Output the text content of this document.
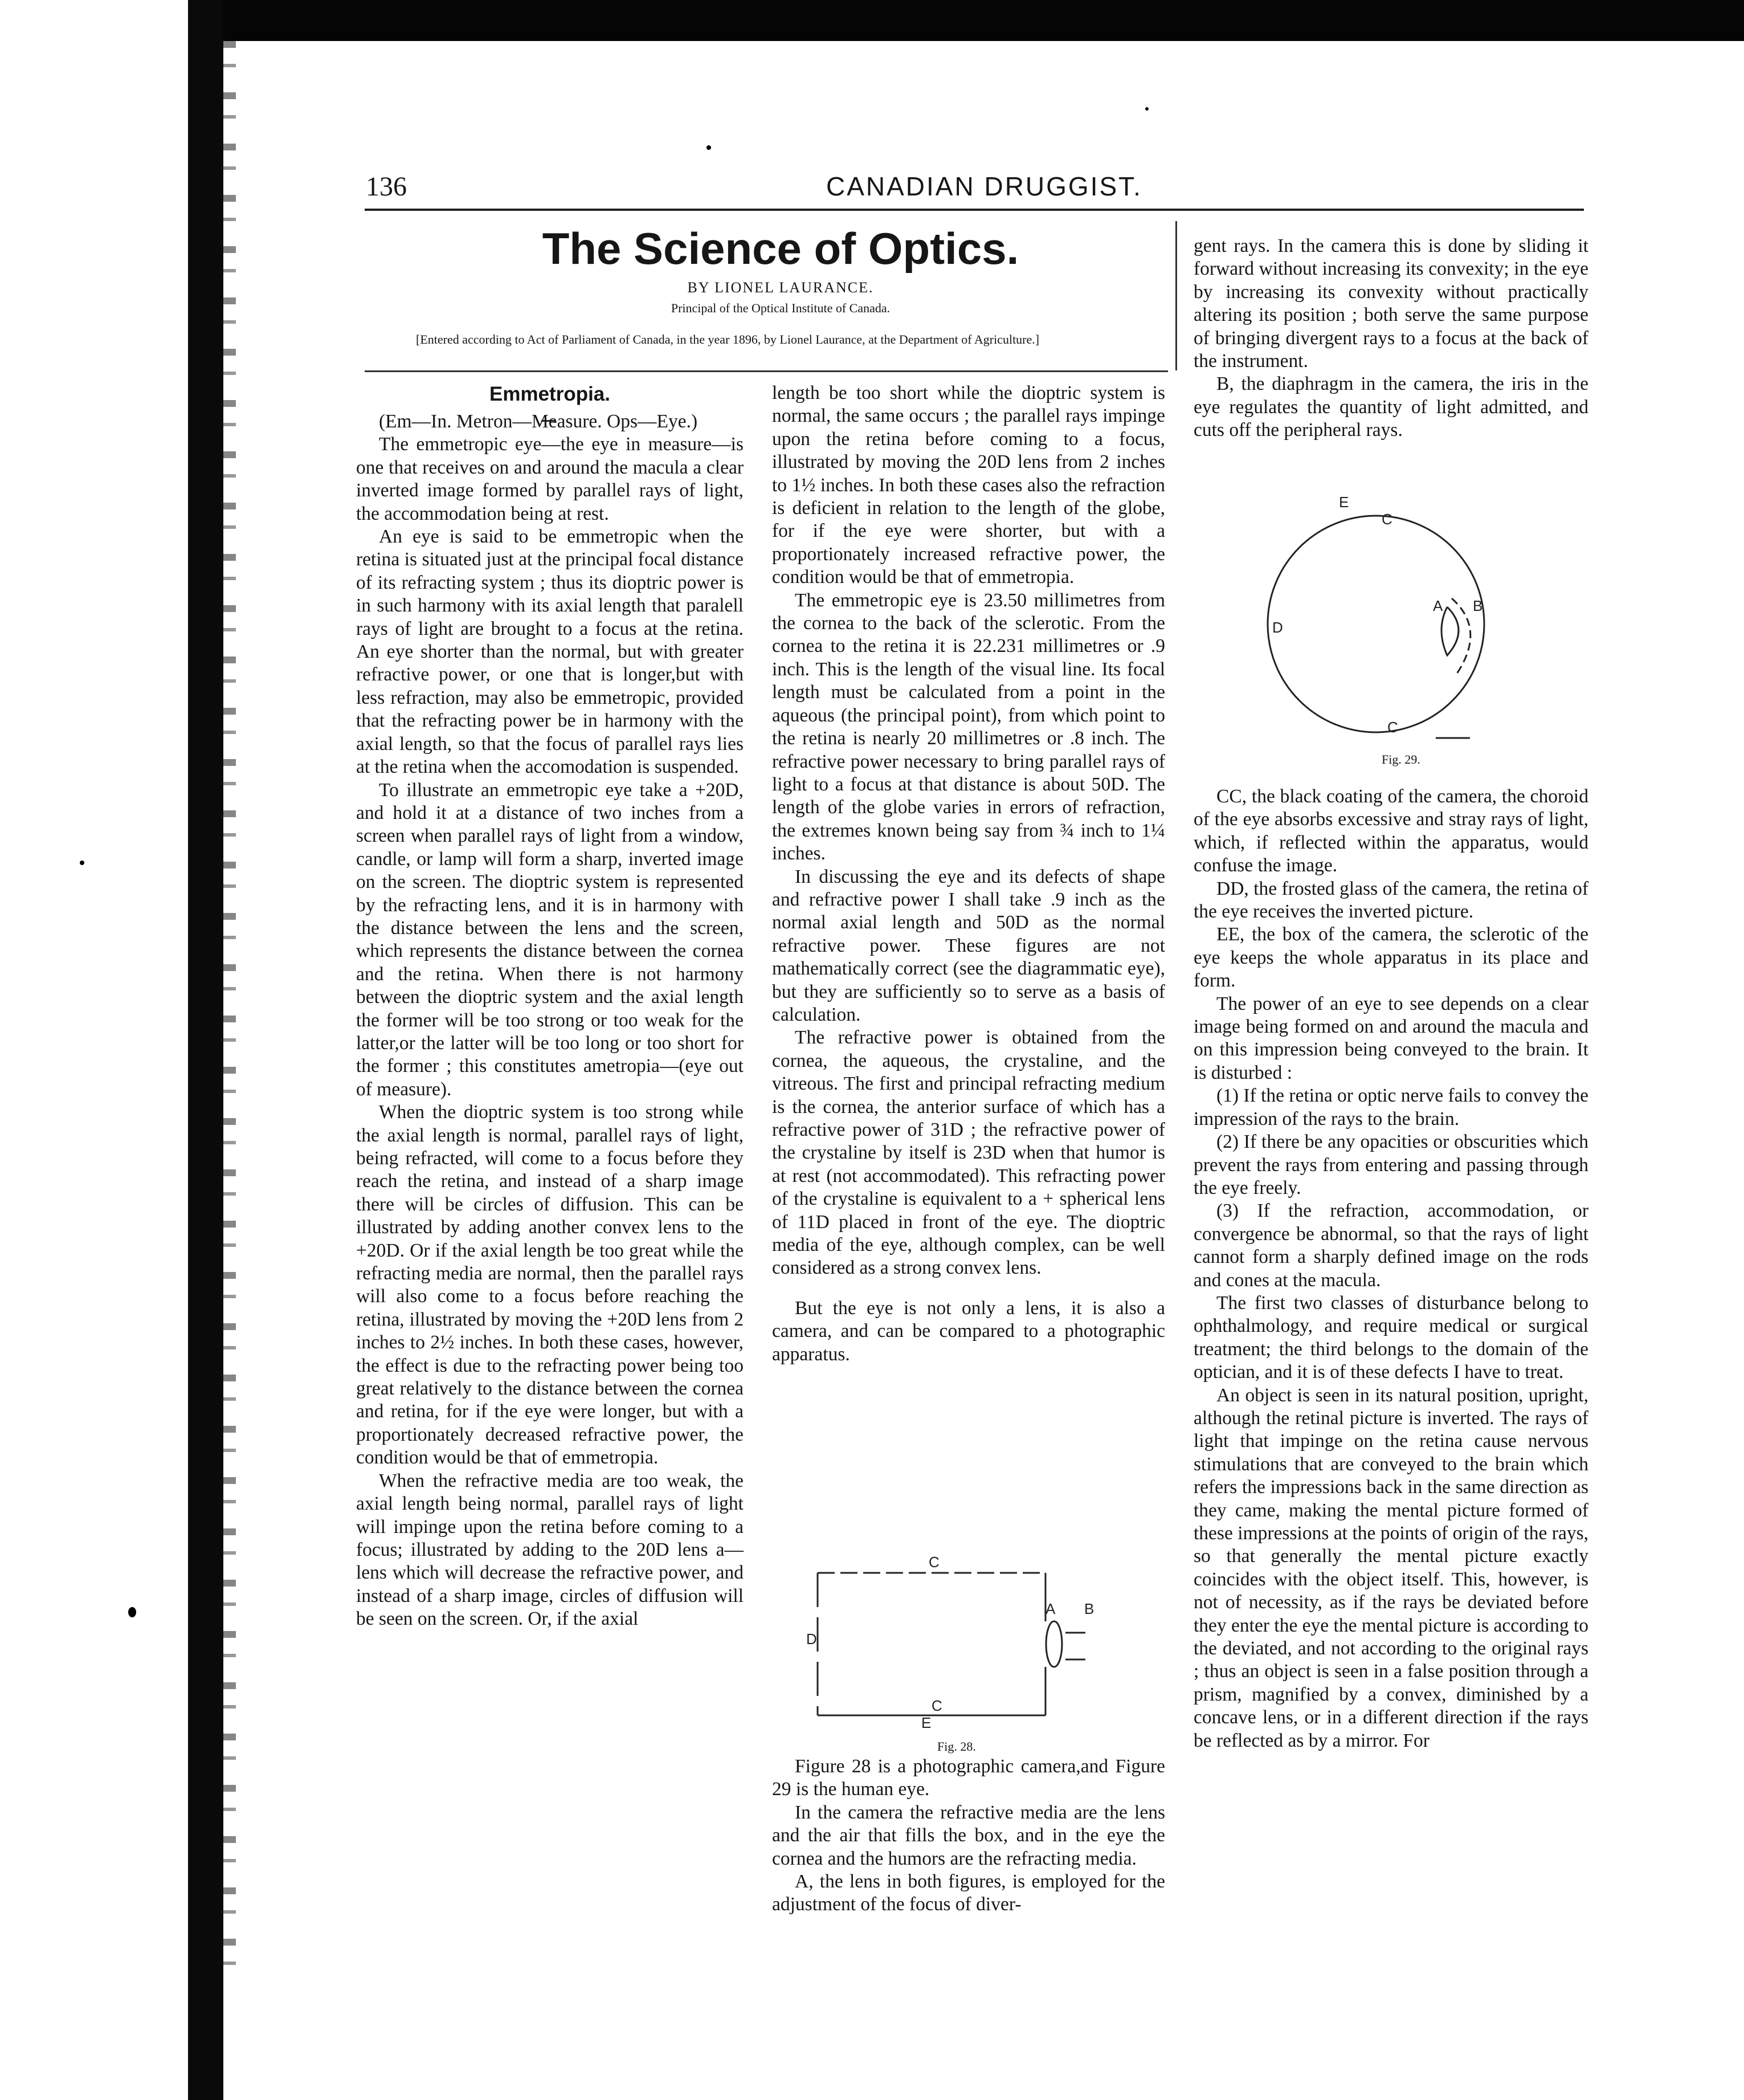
136	CANADIAN DRUGGIST.
The Science of Optics.
BY LIONEL LAURANCE.
Principal of the Optical Institute of Canada.
[Entered according to Act of Parliament of Canada, in the year 1896, by Lionel Laurance, at the Department of Agriculture.]
Emmetropia.

(Em—In. Metron—Measure. Ops—Eye.)

The emmetropic eye—the eye in measure—is one that receives on and around the macula a clear inverted image formed by parallel rays of light, the accommodation being at rest.

An eye is said to be emmetropic when the retina is situated just at the principal focal distance of its refracting system ; thus its dioptric power is in such harmony with its axial length that paralell rays of light are brought to a focus at the retina. An eye shorter than the normal, but with greater refractive power, or one that is longer,but with less refraction, may also be emmetropic, provided that the refracting power be in harmony with the axial length, so that the focus of parallel rays lies at the retina when the accomodation is suspended.

To illustrate an emmetropic eye take a +20D, and hold it at a distance of two inches from a screen when parallel rays of light from a window, candle, or lamp will form a sharp, inverted image on the screen. The dioptric system is represented by the refracting lens, and it is in harmony with the distance between the lens and the screen, which represents the distance between the cornea and the retina. When there is not harmony between the dioptric system and the axial length the former will be too strong or too weak for the latter,or the latter will be too long or too short for the former ; this constitutes ametropia—(eye out of measure).

When the dioptric system is too strong while the axial length is normal, parallel rays of light, being refracted, will come to a focus before they reach the retina, and instead of a sharp image there will be circles of diffusion. This can be illustrated by adding another convex lens to the +20D. Or if the axial length be too great while the refracting media are normal, then the parallel rays will also come to a focus before reaching the retina, illustrated by moving the +20D lens from 2 inches to 2½ inches. In both these cases, however, the effect is due to the refracting power being too great relatively to the distance between the cornea and retina, for if the eye were longer, but with a proportionately decreased refractive power, the condition would be that of emmetropia.

When the refractive media are too weak, the axial length being normal, parallel rays of light will impinge upon the retina before coming to a focus; illustrated by adding to the 20D lens a—lens which will decrease the refractive power, and instead of a sharp image, circles of diffusion will be seen on the screen. Or, if the axial

length be too short while the dioptric system is normal, the same occurs ; the parallel rays impinge upon the retina before coming to a focus, illustrated by moving the 20D lens from 2 inches to 1½ inches. In both these cases also the refraction is deficient in relation to the length of the globe, for if the eye were shorter, but with a proportionately increased refractive power, the condition would be that of emmetropia.

The emmetropic eye is 23.50 millimetres from the cornea to the back of the sclerotic. From the cornea to the retina it is 22.231 millimetres or .9 inch. This is the length of the visual line. Its focal length must be calculated from a point in the aqueous (the principal point), from which point to the retina is nearly 20 millimetres or .8 inch. The refractive power necessary to bring parallel rays of light to a focus at that distance is about 50D. The length of the globe varies in errors of refraction, the extremes known being say from ¾ inch to 1¼ inches.

In discussing the eye and its defects of shape and refractive power I shall take .9 inch as the normal axial length and 50D as the normal refractive power. These figures are not mathematically correct (see the diagrammatic eye), but they are sufficiently so to serve as a basis of calculation.

The refractive power is obtained from the cornea, the aqueous, the crystaline, and the vitreous. The first and principal refracting medium is the cornea, the anterior surface of which has a refractive power of 31D ; the refractive power of the crystaline by itself is 23D when that humor is at rest (not accommodated). This refracting power of the crystaline is equivalent to a + spherical lens of 11D placed in front of the eye. The dioptric media of the eye, although complex, can be well considered as a strong convex lens.

But the eye is not only a lens, it is also a camera, and can be compared to a photographic apparatus.

C
D
A B
C
E
Fig. 28.

Figure 28 is a photographic camera,and Figure 29 is the human eye.

In the camera the refractive media are the lens and the air that fills the box, and in the eye the cornea and the humors are the refracting media.

A, the lens in both figures, is employed for the adjustment of the focus of diver-

gent rays. In the camera this is done by sliding it forward without increasing its convexity; in the eye by increasing its convexity without practically altering its position ; both serve the same purpose of bringing divergent rays to a focus at the back of the instrument.

B, the diaphragm in the camera, the iris in the eye regulates the quantity of light admitted, and cuts off the peripheral rays.

E
C
A B
D
C
Fig. 29.

CC, the black coating of the camera, the choroid of the eye absorbs excessive and stray rays of light, which, if reflected within the apparatus, would confuse the image.

DD, the frosted glass of the camera, the retina of the eye receives the inverted picture.

EE, the box of the camera, the sclerotic of the eye keeps the whole apparatus in its place and form.

The power of an eye to see depends on a clear image being formed on and around the macula and on this impression being conveyed to the brain. It is disturbed :

(1) If the retina or optic nerve fails to convey the impression of the rays to the brain.

(2) If there be any opacities or obscurities which prevent the rays from entering and passing through the eye freely.

(3) If the refraction, accommodation, or convergence be abnormal, so that the rays of light cannot form a sharply defined image on the rods and cones at the macula.

The first two classes of disturbance belong to ophthalmology, and require medical or surgical treatment; the third belongs to the domain of the optician, and it is of these defects I have to treat.

An object is seen in its natural position, upright, although the retinal picture is inverted. The rays of light that impinge on the retina cause nervous stimulations that are conveyed to the brain which refers the impressions back in the same direction as they came, making the mental picture formed of these impressions at the points of origin of the rays, so that generally the mental picture exactly coincides with the object itself. This, however, is not of necessity, as if the rays be deviated before they enter the eye the mental picture is according to the deviated, and not according to the original rays ; thus an object is seen in a false position through a prism, magnified by a convex, diminished by a concave lens, or in a different direction if the rays be reflected as by a mirror. For
